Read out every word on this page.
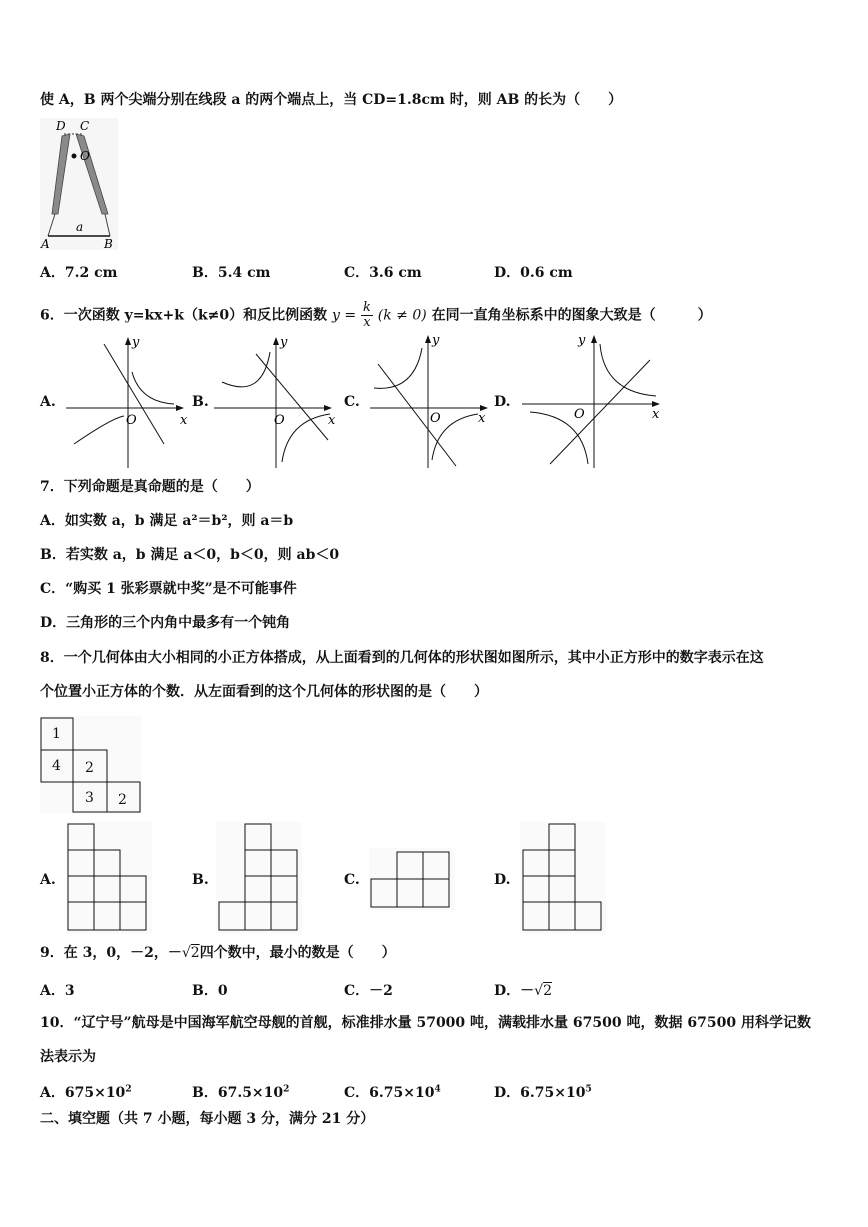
使 A，B 两个尖端分别在线段 a 的两个端点上，当 CD=1.8cm 时，则 AB 的长为（　　）
D C
O
a
A	B
A．7.2 cm	B．5.4 cm	C．3.6 cm	D．0.6 cm
6．一次函数 y=kx+k（k≠0）和反比例函数 $y = \frac{k}{x} (k \ne 0)$ 在同一直角坐标系中的图象大致是（　　　）
A.	B.	C.	D.
x
y
O	x
y
O	x
y
O	x
y
O
7．下列命题是真命题的是（　　）
A．如实数 a，b 满足 a²＝b²，则 a＝b
B．若实数 a，b 满足 a＜0，b＜0，则 ab＜0
C．“购买 1 张彩票就中奖”是不可能事件
D．三角形的三个内角中最多有一个钝角
8．一个几何体由大小相同的小正方体搭成，从上面看到的几何体的形状图如图所示，其中小正方形中的数字表示在这
个位置小正方体的个数．从左面看到的这个几何体的形状图的是（　　）
1
4 2
3 2
A.	B.	C.	D.
9．在 3，0，－2，－√2四个数中，最小的数是（　　）
A．3	B．0	C．－2	D．－√2
10．“辽宁号”航母是中国海军航空母舰的首舰，标准排水量 57000 吨，满载排水量 67500 吨，数据 67500 用科学记数
法表示为
A．$675\times 10^2$	B．$67.5\times 10^2$	C．$6.75\times 10^4$	D．$6.75\times 10^5$
二、填空题（共 7 小题，每小题 3 分，满分 21 分）
